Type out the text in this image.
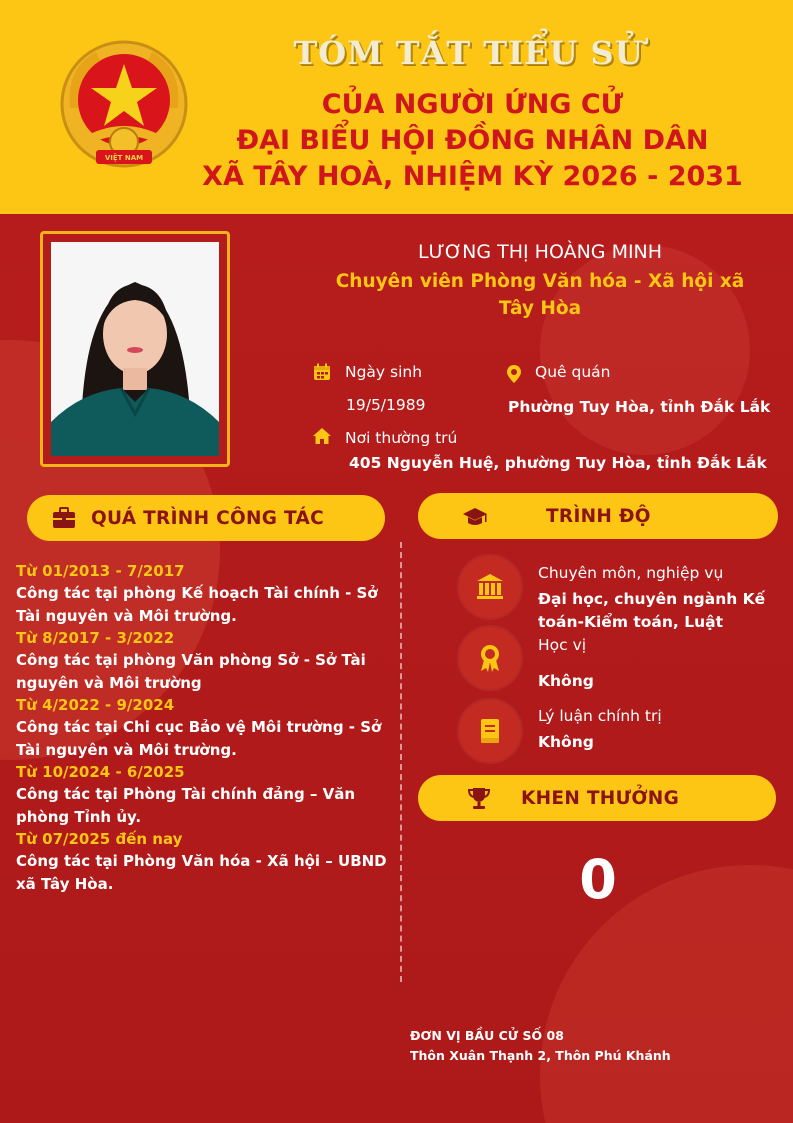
VIỆT NAM
TÓM TẮT TIỂU SỬ
CỦA NGƯỜI ỨNG CỬ
ĐẠI BIỂU HỘI ĐỒNG NHÂN DÂN
XÃ TÂY HOÀ, NHIỆM KỲ 2026 - 2031
LƯƠNG THỊ HOÀNG MINH
Chuyên viên Phòng Văn hóa - Xã hội xã Tây Hòa
Ngày sinh
19/5/1989
Quê quán
Phường Tuy Hòa, tỉnh Đắk Lắk
Nơi thường trú
405 Nguyễn Huệ, phường Tuy Hòa, tỉnh Đắk Lắk
QUÁ TRÌNH CÔNG TÁC	TRÌNH ĐỘ
Từ 01/2013 - 7/2017
Công tác tại phòng Kế hoạch Tài chính - Sở Tài nguyên và Môi trường.
Từ 8/2017 - 3/2022
Công tác tại phòng Văn phòng Sở - Sở Tài nguyên và Môi trường
Từ 4/2022 - 9/2024
Công tác tại Chi cục Bảo vệ Môi trường - Sở Tài nguyên và Môi trường.
Từ 10/2024 - 6/2025
Công tác tại Phòng Tài chính đảng – Văn phòng Tỉnh ủy.
Từ 07/2025 đến nay
Công tác tại Phòng Văn hóa - Xã hội – UBND xã Tây Hòa.
Chuyên môn, nghiệp vụ
Đại học, chuyên ngành Kế toán-Kiểm toán, Luật
Học vị
Không
Lý luận chính trị
Không
KHEN THƯỞNG
0
ĐƠN VỊ BẦU CỬ SỐ 08
Thôn Xuân Thạnh 2, Thôn Phú Khánh
